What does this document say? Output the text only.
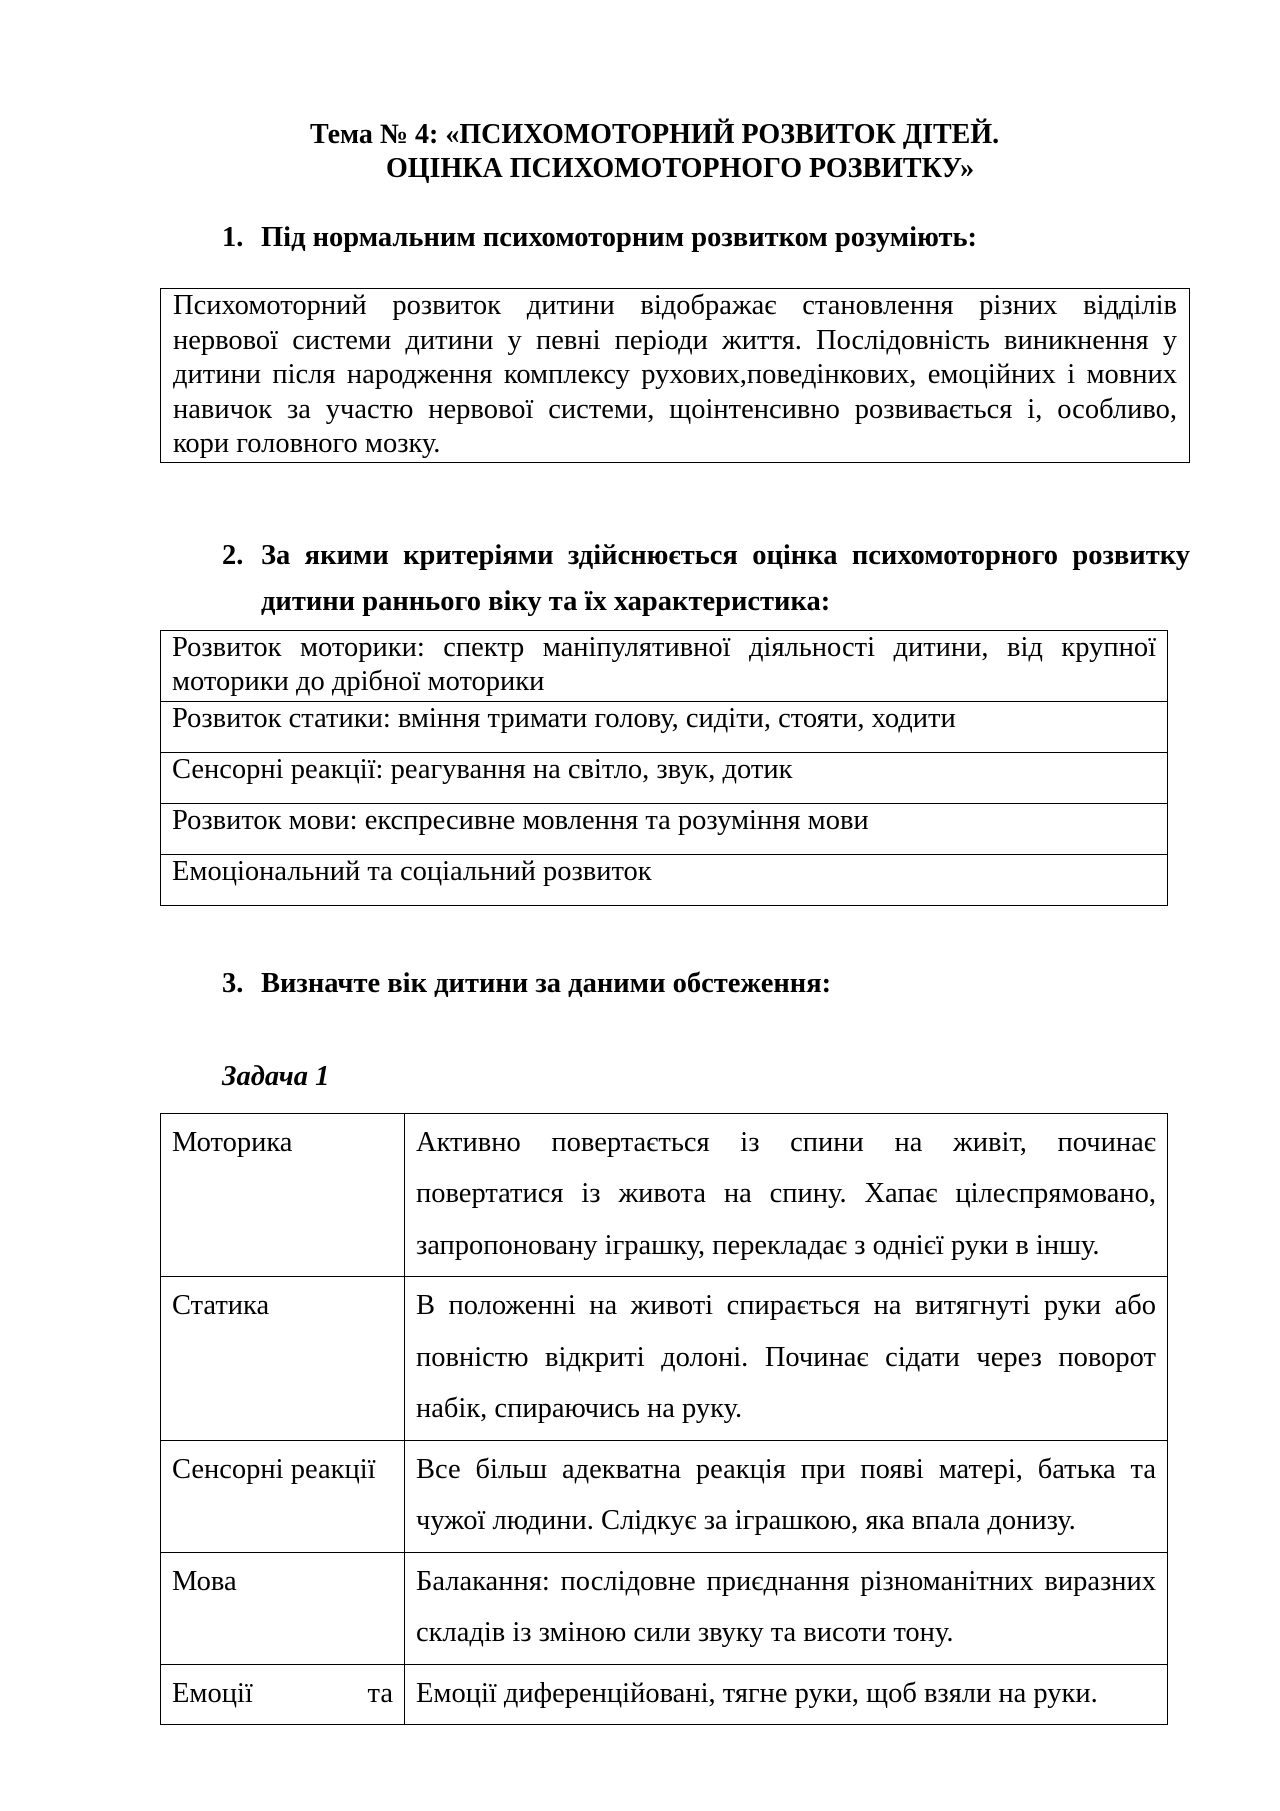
Тема № 4: «ПСИХОМОТОРНИЙ РОЗВИТОК ДІТЕЙ.
ОЦІНКА ПСИХОМОТОРНОГО РОЗВИТКУ»
1. Під нормальним психомоторним розвитком розуміють:
Психомоторний розвиток дитини відображає становлення різних відділів нервової системи дитини у певні періоди життя. Послідовність виникнення у дитини після народження комплексу рухових,поведінкових, емоційних і мовних навичок за участю нервової системи, щоінтенсивно розвивається і, особливо, кори головного мозку.
2. За якими критеріями здійснюється оцінка психомоторного розвитку дитини раннього віку та їх характеристика:
Розвиток моторики: спектр маніпулятивної діяльності дитини, від крупної моторики до дрібної моторики
Розвиток статики: вміння тримати голову, сидіти, стояти, ходити
Сенсорні реакції: реагування на світло, звук, дотик
Розвиток мови: експресивне мовлення та розуміння мови
Емоціональний та соціальний розвиток
3. Визначте вік дитини за даними обстеження:
Задача 1
Моторика	Активно повертається із спини на живіт, починає повертатися із живота на спину. Хапає цілеспрямовано, запропоновану іграшку, перекладає з однієї руки в іншу.
Статика	В положенні на животі спирається на витягнуті руки або повністю відкриті долоні. Починає сідати через поворот набік, спираючись на руку.
Сенсорні реакції	Все більш адекватна реакція при появі матері, батька та чужої людини. Слідкує за іграшкою, яка впала донизу.
Мова	Балакання: послідовне приєднання різноманітних виразних складів із зміною сили звуку та висоти тону.
Емоції та	Емоції диференційовані, тягне руки, щоб взяли на руки.
